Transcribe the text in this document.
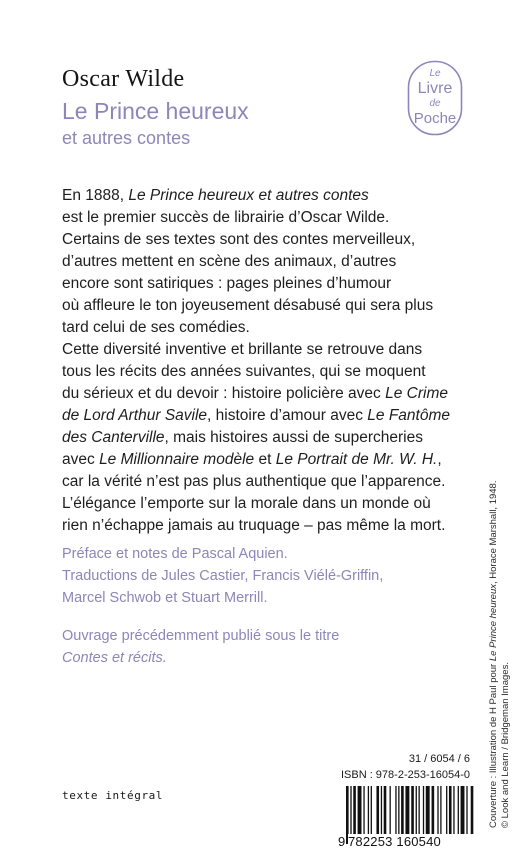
Oscar Wilde
Le Prince heureux
et autres contes
Le
Livre
de
Poche
En 1888, Le Prince heureux et autres contes
est le premier succès de librairie d’Oscar Wilde.
Certains de ses textes sont des contes merveilleux,
d’autres mettent en scène des animaux, d’autres
encore sont satiriques : pages pleines d’humour
où affleure le ton joyeusement désabusé qui sera plus
tard celui de ses comédies.
Cette diversité inventive et brillante se retrouve dans
tous les récits des années suivantes, qui se moquent
du sérieux et du devoir : histoire policière avec Le Crime
de Lord Arthur Savile, histoire d’amour avec Le Fantôme
des Canterville, mais histoires aussi de supercheries
avec Le Millionnaire modèle et Le Portrait de Mr. W. H.,
car la vérité n’est pas plus authentique que l’apparence.
L’élégance l’emporte sur la morale dans un monde où
rien n’échappe jamais au truquage – pas même la mort.
Préface et notes de Pascal Aquien.
Traductions de Jules Castier, Francis Viélé-Griffin,
Marcel Schwob et Stuart Merrill.
Ouvrage précédemment publié sous le titre
Contes et récits.
Couverture : Illustration de H Paul pour Le Prince heureux, Horace Marshall, 1948.
© Look and Learn / Bridgeman Images.
texte intégral
31 / 6054 / 6
ISBN : 978-2-253-16054-0
9 782253 160540
